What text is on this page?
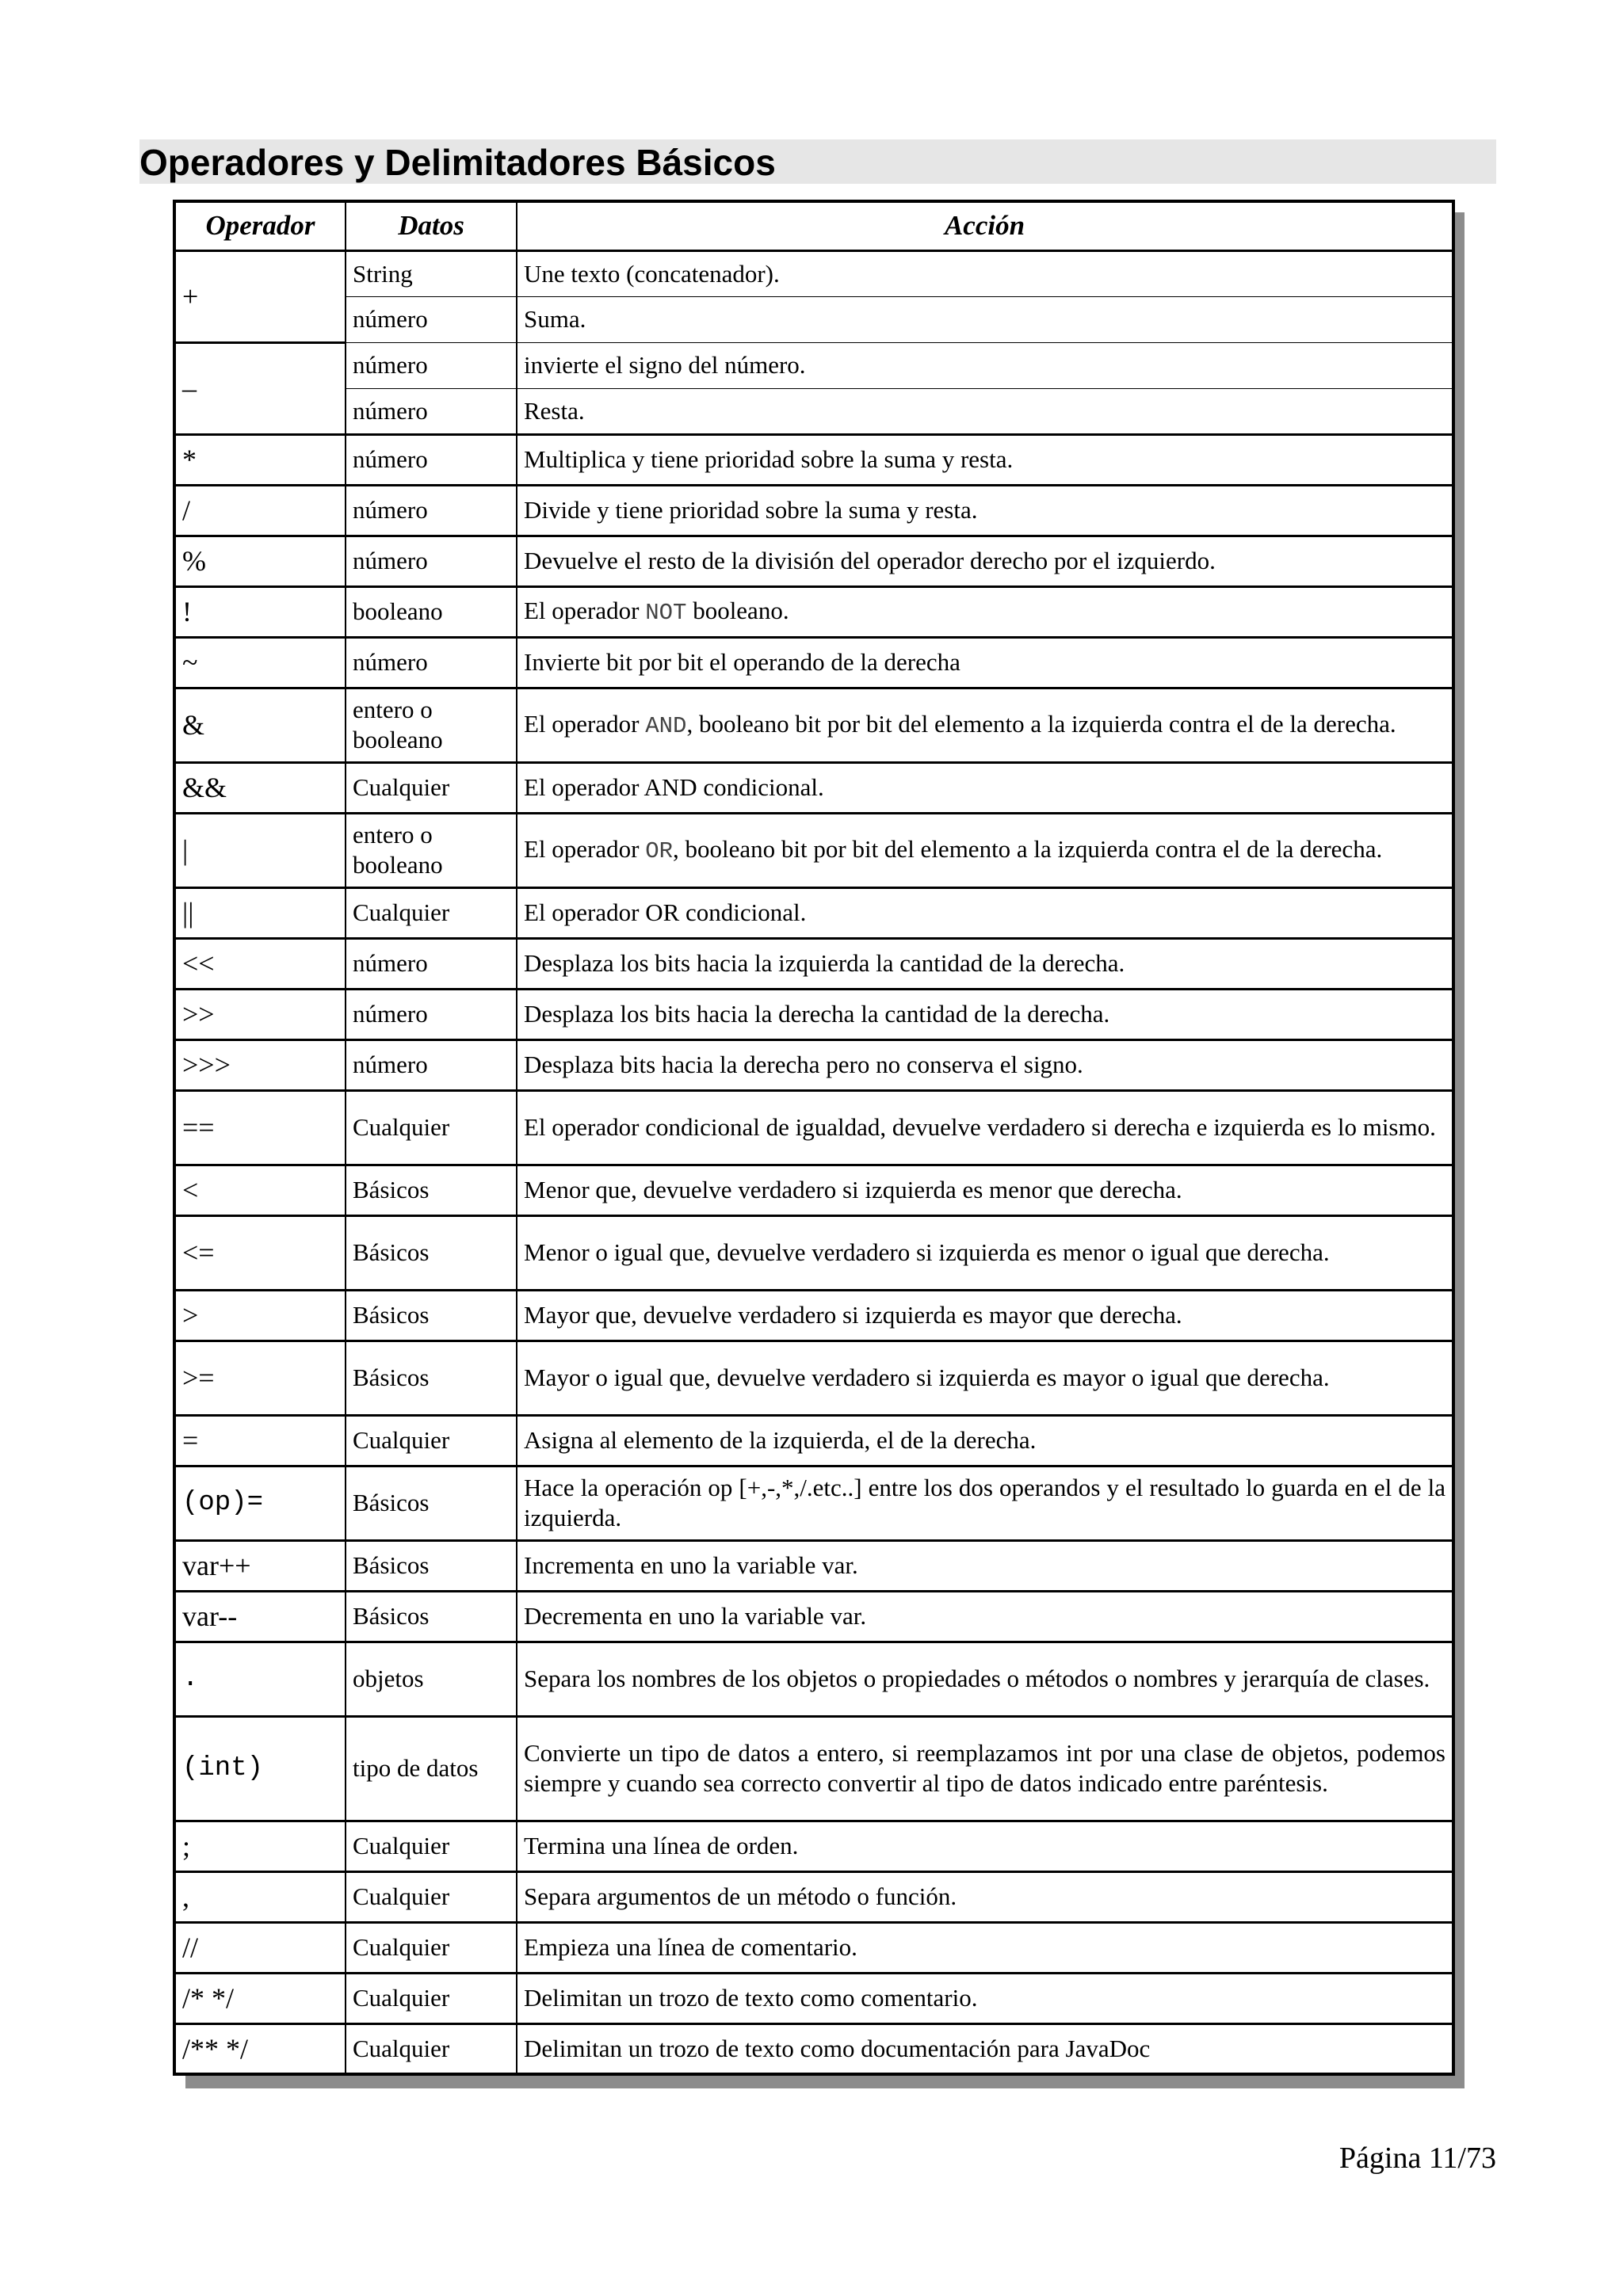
Operadores y Delimitadores Básicos
Operador	Datos	Acción
+	String	Une texto (concatenador).
	número	Suma.
–	número	invierte el signo del número.
	número	Resta.
*	número	Multiplica y tiene prioridad sobre la suma y resta.
/	número	Divide y tiene prioridad sobre la suma y resta.
%	número	Devuelve el resto de la división del operador derecho por el izquierdo.
!	booleano	El operador NOT booleano.
~	número	Invierte bit por bit el operando de la derecha
&	entero o booleano	El operador AND, booleano bit por bit del elemento a la izquierda contra el de la derecha.
&&	Cualquier	El operador AND condicional.
|	entero o booleano	El operador OR, booleano bit por bit del elemento a la izquierda contra el de la derecha.
||	Cualquier	El operador OR condicional.
<<	número	Desplaza los bits hacia la izquierda la cantidad de la derecha.
>>	número	Desplaza los bits hacia la derecha la cantidad de la derecha.
>>>	número	Desplaza bits hacia la derecha pero no conserva el signo.
==	Cualquier	El operador condicional de igualdad, devuelve verdadero si derecha e izquierda es lo mismo.
<	Básicos	Menor que, devuelve verdadero si izquierda es menor que derecha.
<=	Básicos	Menor o igual que, devuelve verdadero si izquierda es menor o igual que derecha.
>	Básicos	Mayor que, devuelve verdadero si izquierda es mayor que derecha.
>=	Básicos	Mayor o igual que, devuelve verdadero si izquierda es mayor o igual que derecha.
=	Cualquier	Asigna al elemento de la izquierda, el de la derecha.
(op)=	Básicos	Hace la operación op [+,-,*,/.etc..] entre los dos operandos y el resultado lo guarda en el de la izquierda.
var++	Básicos	Incrementa en uno la variable var.
var--	Básicos	Decrementa en uno la variable var.
.	objetos	Separa los nombres de los objetos o propiedades o métodos o nombres y jerarquía de clases.
(int)	tipo de datos	Convierte un tipo de datos a entero, si reemplazamos int por una clase de objetos, podemos siempre y cuando sea correcto convertir al tipo de datos indicado entre paréntesis.
;	Cualquier	Termina una línea de orden.
,	Cualquier	Separa argumentos de un método o función.
//	Cualquier	Empieza una línea de comentario.
/* */	Cualquier	Delimitan un trozo de texto como comentario.
/** */	Cualquier	Delimitan un trozo de texto como documentación para JavaDoc
Página 11/73
